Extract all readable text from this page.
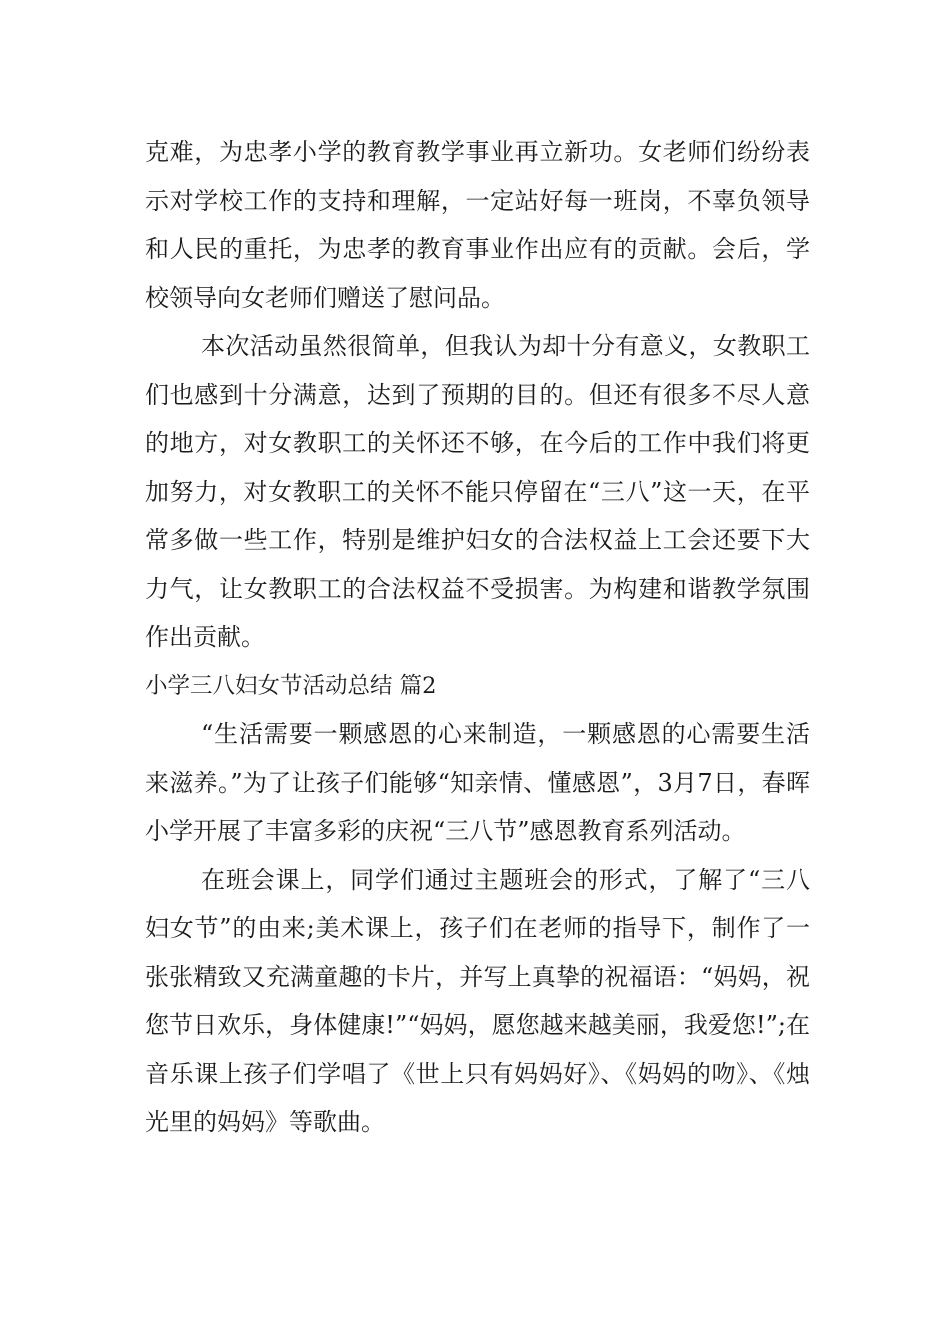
克难，为忠孝小学的教育教学事业再立新功。女老师们纷纷表示对学校工作的支持和理解，一定站好每一班岗，不辜负领导和人民的重托，为忠孝的教育事业作出应有的贡献。会后，学校领导向女老师们赠送了慰问品。

本次活动虽然很简单，但我认为却十分有意义，女教职工们也感到十分满意，达到了预期的目的。但还有很多不尽人意的地方，对女教职工的关怀还不够，在今后的工作中我们将更加努力，对女教职工的关怀不能只停留在“三八”这一天，在平常多做一些工作，特别是维护妇女的合法权益上工会还要下大力气，让女教职工的合法权益不受损害。为构建和谐教学氛围作出贡献。

小学三八妇女节活动总结 篇2

“生活需要一颗感恩的心来制造，一颗感恩的心需要生活来滋养。”为了让孩子们能够“知亲情、懂感恩”，3月7日，春晖小学开展了丰富多彩的庆祝“三八节”感恩教育系列活动。

在班会课上，同学们通过主题班会的形式，了解了“三八妇女节”的由来;美术课上，孩子们在老师的指导下，制作了一张张精致又充满童趣的卡片，并写上真挚的祝福语：“妈妈，祝您节日欢乐，身体健康!”“妈妈，愿您越来越美丽，我爱您!”;在音乐课上孩子们学唱了《世上只有妈妈好》、《妈妈的吻》、《烛光里的妈妈》等歌曲。
